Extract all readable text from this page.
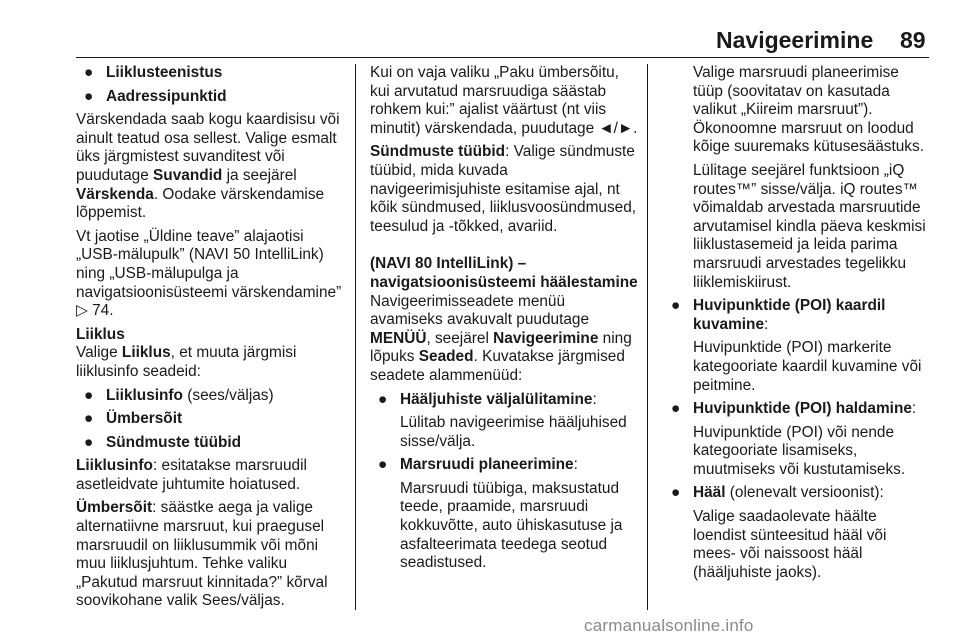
Navigeerimine 89
● Liiklusteenistus
● Aadressipunktid

Värskendada saab kogu kaardisisu või ainult teatud osa sellest. Valige esmalt üks järgmistest suvanditest või puudutage Suvandid ja seejärel Värskenda. Oodake värskendamise lõppemist.

Vt jaotise „Üldine teave” alajaotisi „USB-mälupulk” (NAVI 50 IntelliLink) ning „USB-mälupulga ja navigatsioonisüsteemi värskendamine” ▷ 74.

Liiklus

Valige Liiklus, et muuta järgmisi liiklusinfo seadeid:

● Liiklusinfo (sees/väljas)
● Ümbersõit
● Sündmuste tüübid

Liiklusinfo: esitatakse marsruudil asetleidvate juhtumite hoiatused.

Ümbersõit: säästke aega ja valige alternatiivne marsruut, kui praegusel marsruudil on liiklusummik või mõni muu liiklusjuhtum. Tehke valiku „Pakutud marsruut kinnitada?” kõrval soovikohane valik Sees/väljas.

Kui on vaja valiku „Paku ümbersõitu, kui arvutatud marsruudiga säästab rohkem kui:” ajalist väärtust (nt viis minutit) värskendada, puudutage ◄/►.

Sündmuste tüübid: Valige sündmuste tüübid, mida kuvada navigeerimisjuhiste esitamise ajal, nt kõik sündmused, liiklusvoosündmused, teesulud ja -tõkked, avariid.

(NAVI 80 IntelliLink) – navigatsioonisüsteemi häälestamine

Navigeerimisseadete menüü avamiseks avakuvalt puudutage MENÜÜ, seejärel Navigeerimine ning lõpuks Seaded. Kuvatakse järgmised seadete alammenüüd:

● Hääljuhiste väljalülitamine:

Lülitab navigeerimise hääljuhised sisse/välja.

● Marsruudi planeerimine:

Marsruudi tüübiga, maksustatud teede, praamide, marsruudi kokkuvõtte, auto ühiskasutuse ja asfalteerimata teedega seotud seadistused.

Valige marsruudi planeerimise tüüp (soovitatav on kasutada valikut „Kiireim marsruut”). Ökonoomne marsruut on loodud kõige suuremaks kütusesäästuks.

Lülitage seejärel funktsioon „iQ routes™” sisse/välja. iQ routes™ võimaldab arvestada marsruutide arvutamisel kindla päeva keskmisi liiklustasemeid ja leida parima marsruudi arvestades tegelikku liiklemiskiirust.

● Huvipunktide (POI) kaardil kuvamine:

Huvipunktide (POI) markerite kategooriate kaardil kuvamine või peitmine.

● Huvipunktide (POI) haldamine:

Huvipunktide (POI) või nende kategooriate lisamiseks, muutmiseks või kustutamiseks.

● Hääl (olenevalt versioonist):

Valige saadaolevate häälte loendist sünteesitud hääl või mees- või naissoost hääl (hääljuhiste jaoks).

carmanualsonline.info
